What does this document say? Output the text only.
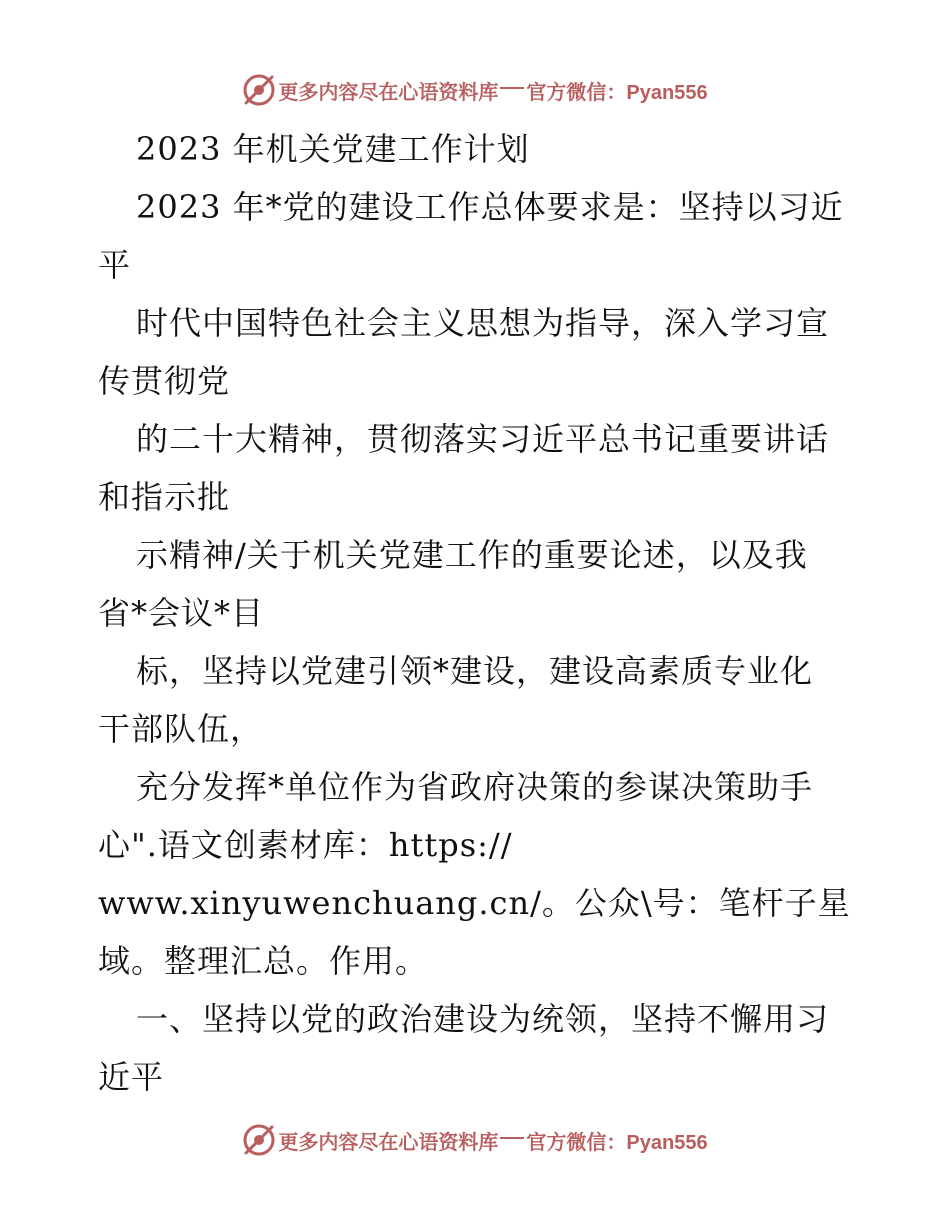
更多内容尽在心语资料库 官方微信：Pyan556
2023 年机关党建工作计划
2023 年*党的建设工作总体要求是：坚持以习近
平
时代中国特色社会主义思想为指导，深入学习宣
传贯彻党
的二十大精神，贯彻落实习近平总书记重要讲话
和指示批
示精神/关于机关党建工作的重要论述，以及我
省*会议*目
标，坚持以党建引领*建设，建设高素质专业化
干部队伍，
充分发挥*单位作为省政府决策的参谋决策助手
心".语文创素材库：https://
www.xinyuwenchuang.cn/。公众\号：笔杆子星
域。整理汇总。作用。
一、坚持以党的政治建设为统领，坚持不懈用习
近平
更多内容尽在心语资料库 官方微信：Pyan556
